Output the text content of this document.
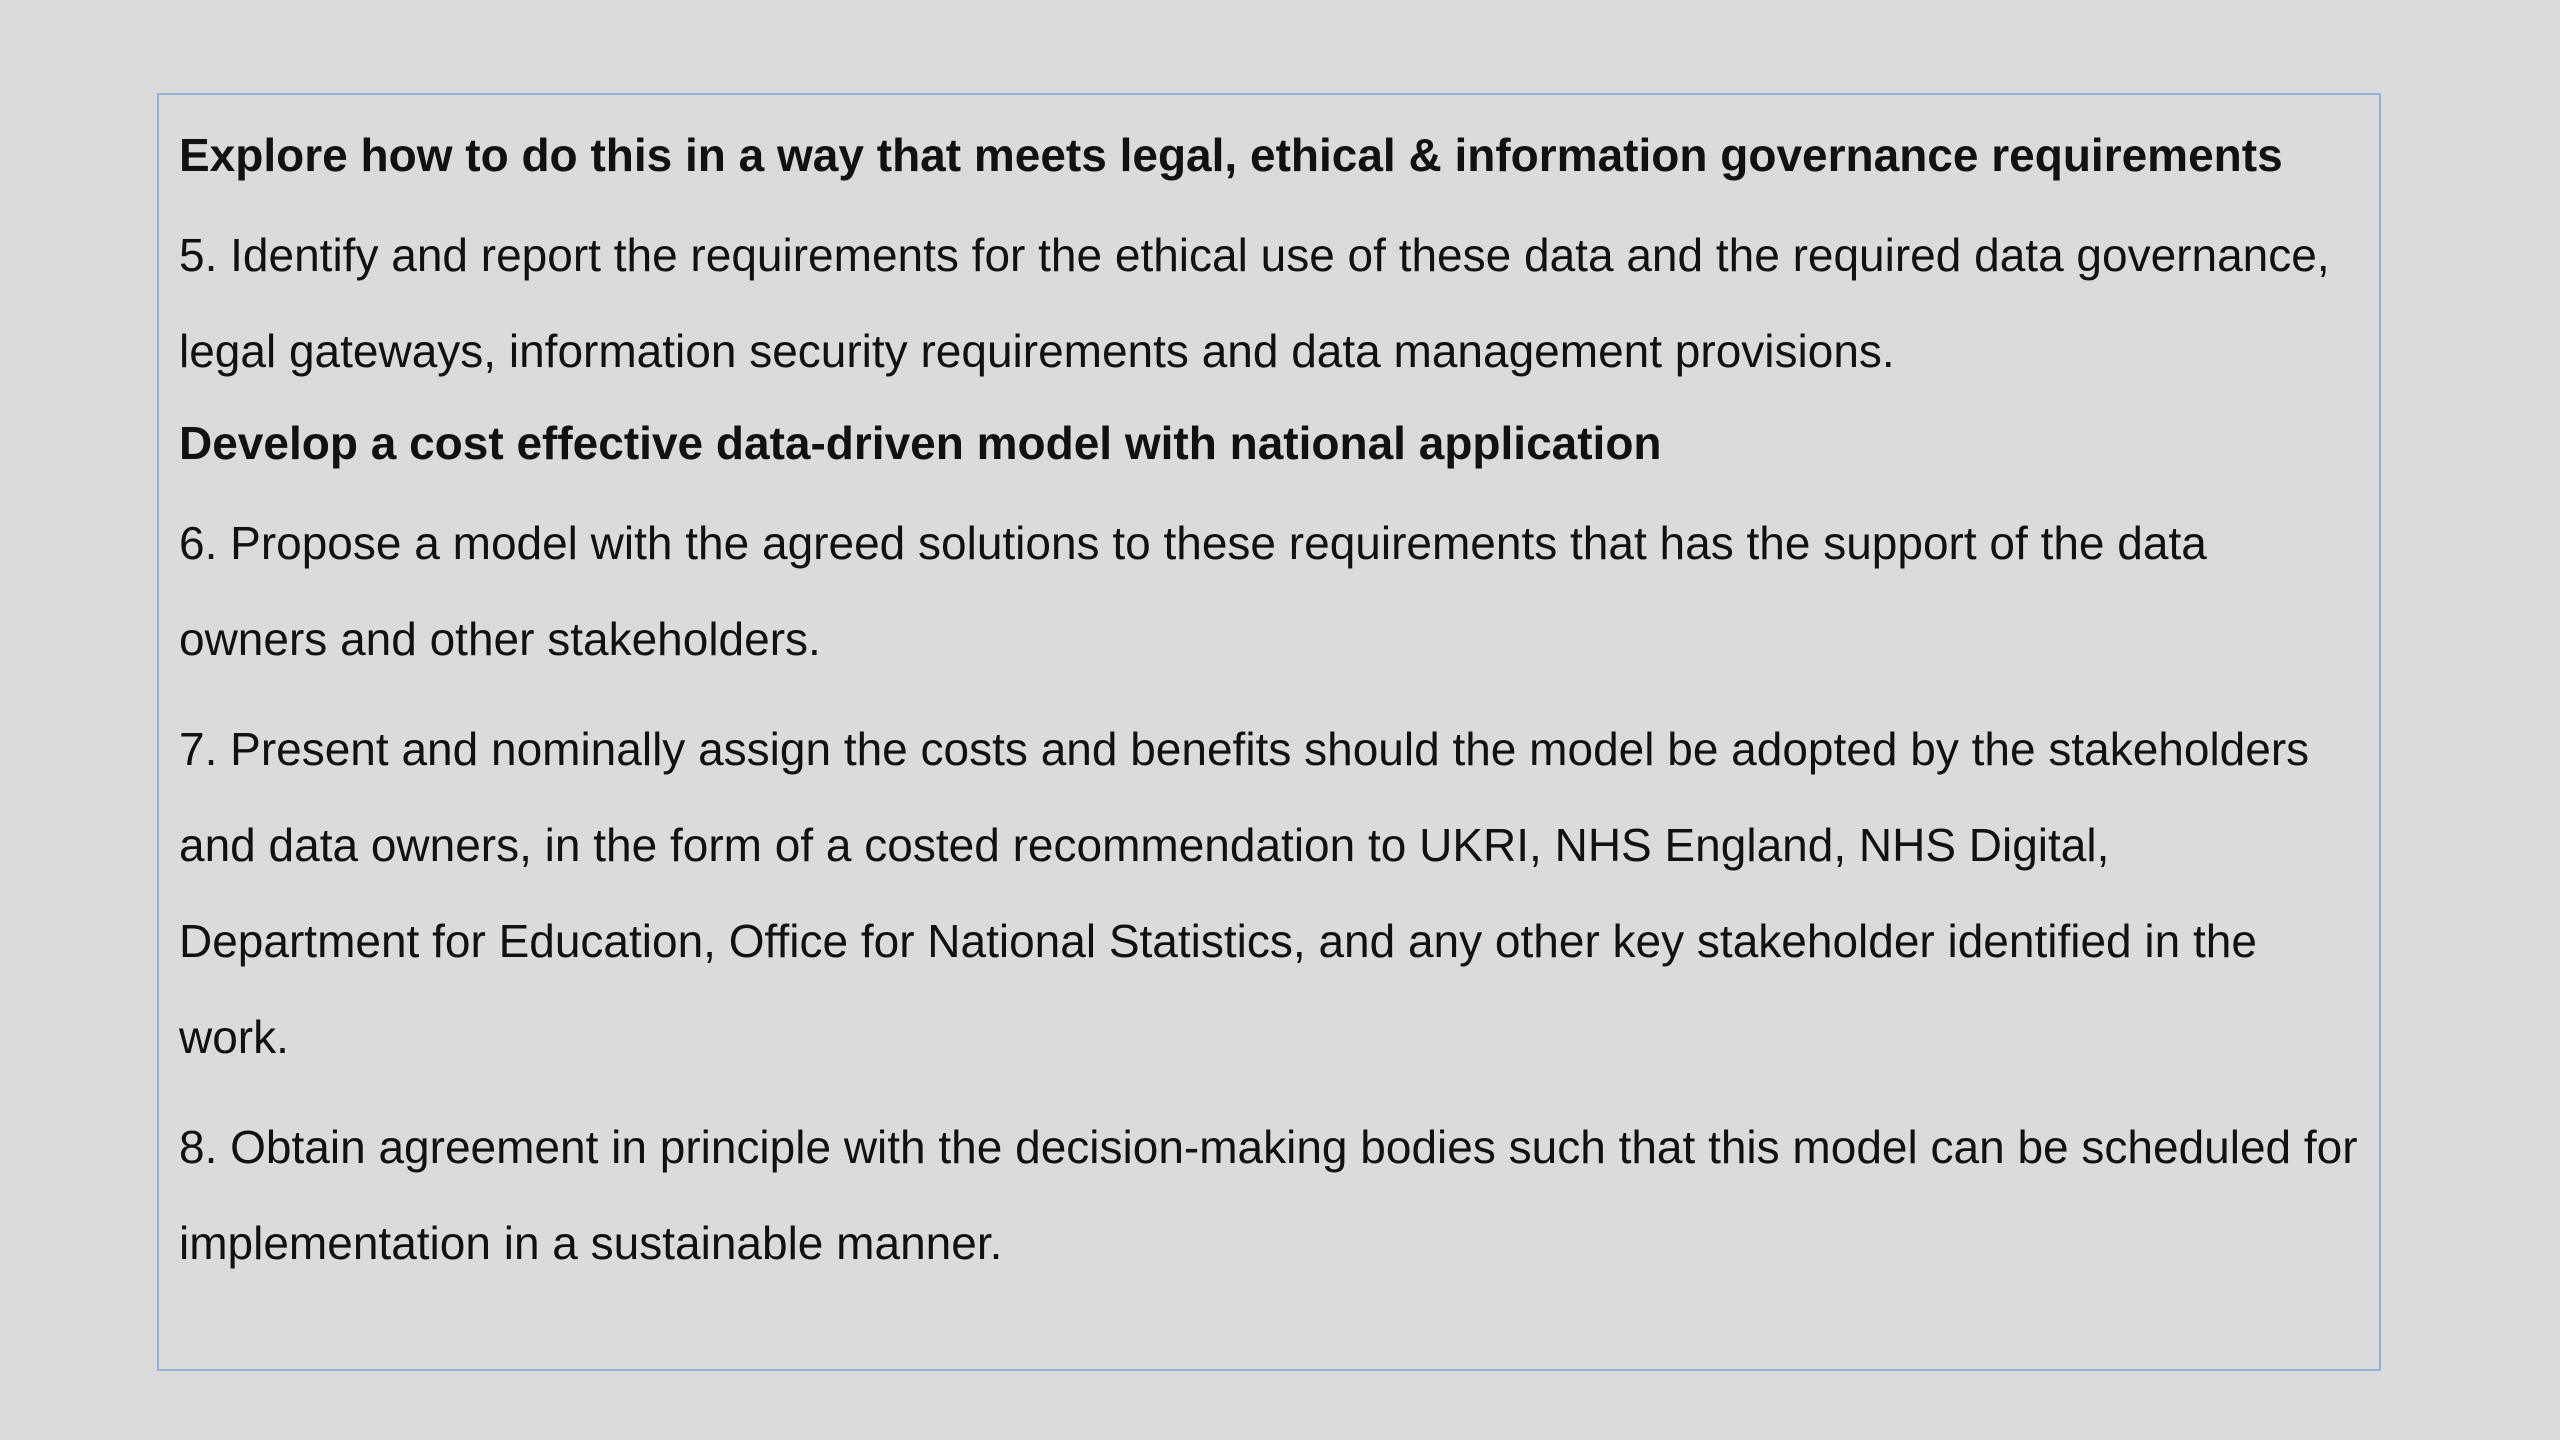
Explore how to do this in a way that meets legal, ethical & information governance requirements

5. Identify and report the requirements for the ethical use of these data and the required data governance, legal gateways, information security requirements and data management provisions.

Develop a cost effective data-driven model with national application

6. Propose a model with the agreed solutions to these requirements that has the support of the data owners and other stakeholders.

7. Present and nominally assign the costs and benefits should the model be adopted by the stakeholders and data owners, in the form of a costed recommendation to UKRI, NHS England, NHS Digital, Department for Education, Office for National Statistics, and any other key stakeholder identified in the work.

8. Obtain agreement in principle with the decision-making bodies such that this model can be scheduled for implementation in a sustainable manner.
